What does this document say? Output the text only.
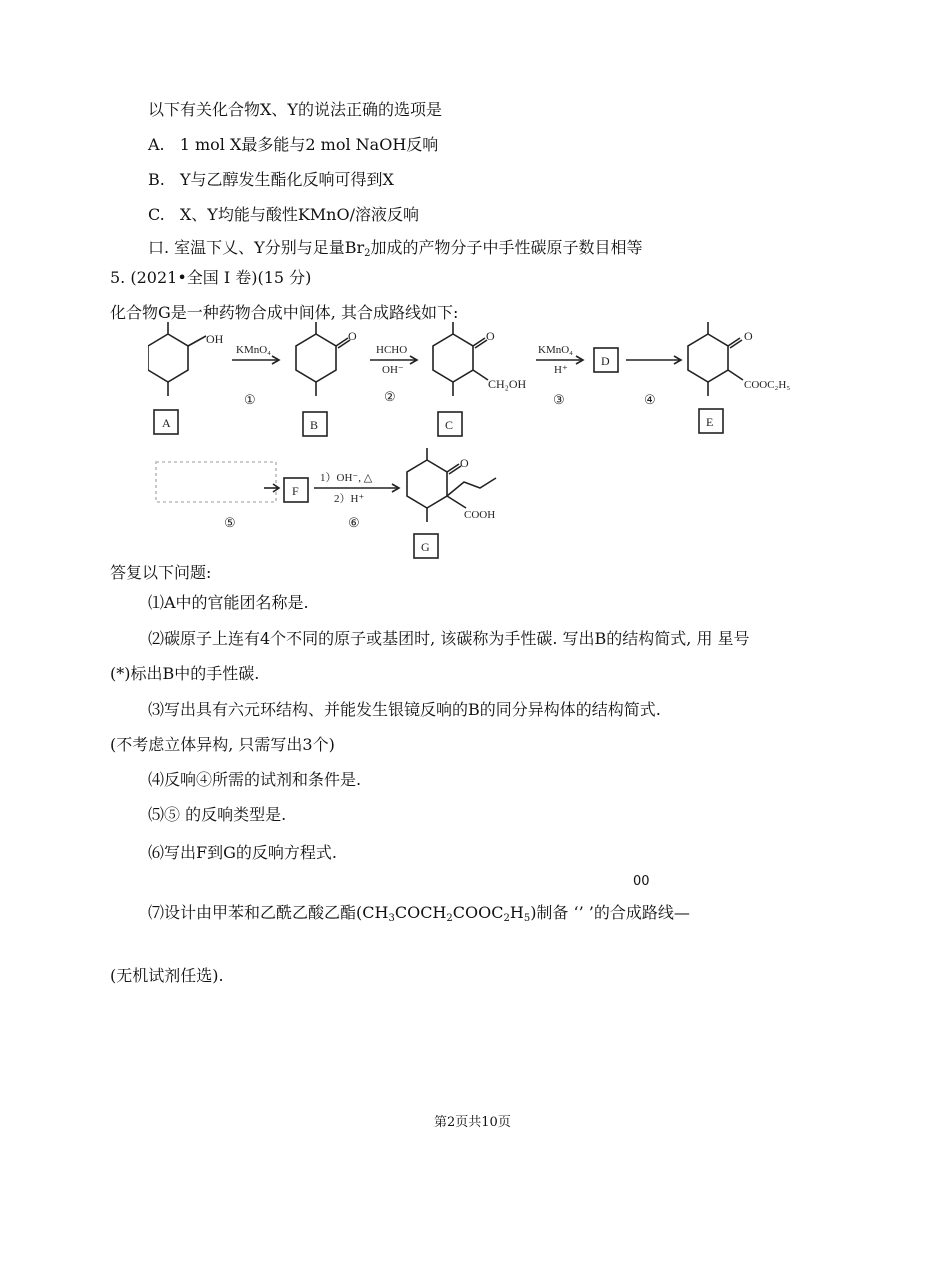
以下有关化合物X、Y的说法正确的选项是
A. 1 mol X最多能与2 mol NaOH反响
B. Y与乙醇发生酯化反响可得到X
C. X、Y均能与酸性KMnO/溶液反响
口. 室温下乂、Y分别与足量$Br_2$加成的产物分子中手性碳原子数目相等
5. (2021•全国 I 卷)(15 分)
化合物G是一种药物合成中间体, 其合成路线如下:
OH
KMnO₄
O
HCHO
OH⁻
O
CH₂OH
KMnO₄
H⁺
D
O
COOC₂H₅
①	②	③	④
A	B	C	E
F
1）OH⁻, △
2）H⁺
⑤	⑥
O
COOH
G
答复以下问题:
⑴A中的官能团名称是.
⑵碳原子上连有4个不同的原子或基团时, 该碳称为手性碳. 写出B的结构简式, 用 星号
(*)标出B中的手性碳.
⑶写出具有六元环结构、并能发生银镜反响的B的同分异构体的结构简式.
(不考虑立体异构, 只需写出3个)
⑷反响④所需的试剂和条件是.
⑸⑤ 的反响类型是.
⑹写出F到G的反响方程式.
00
⑺设计由甲苯和乙酰乙酸乙酯$(CH_3COCH_2COOC_2H_5)$制备 ‘’ ’的合成路线—
(无机试剂任选).
第2页共10页
